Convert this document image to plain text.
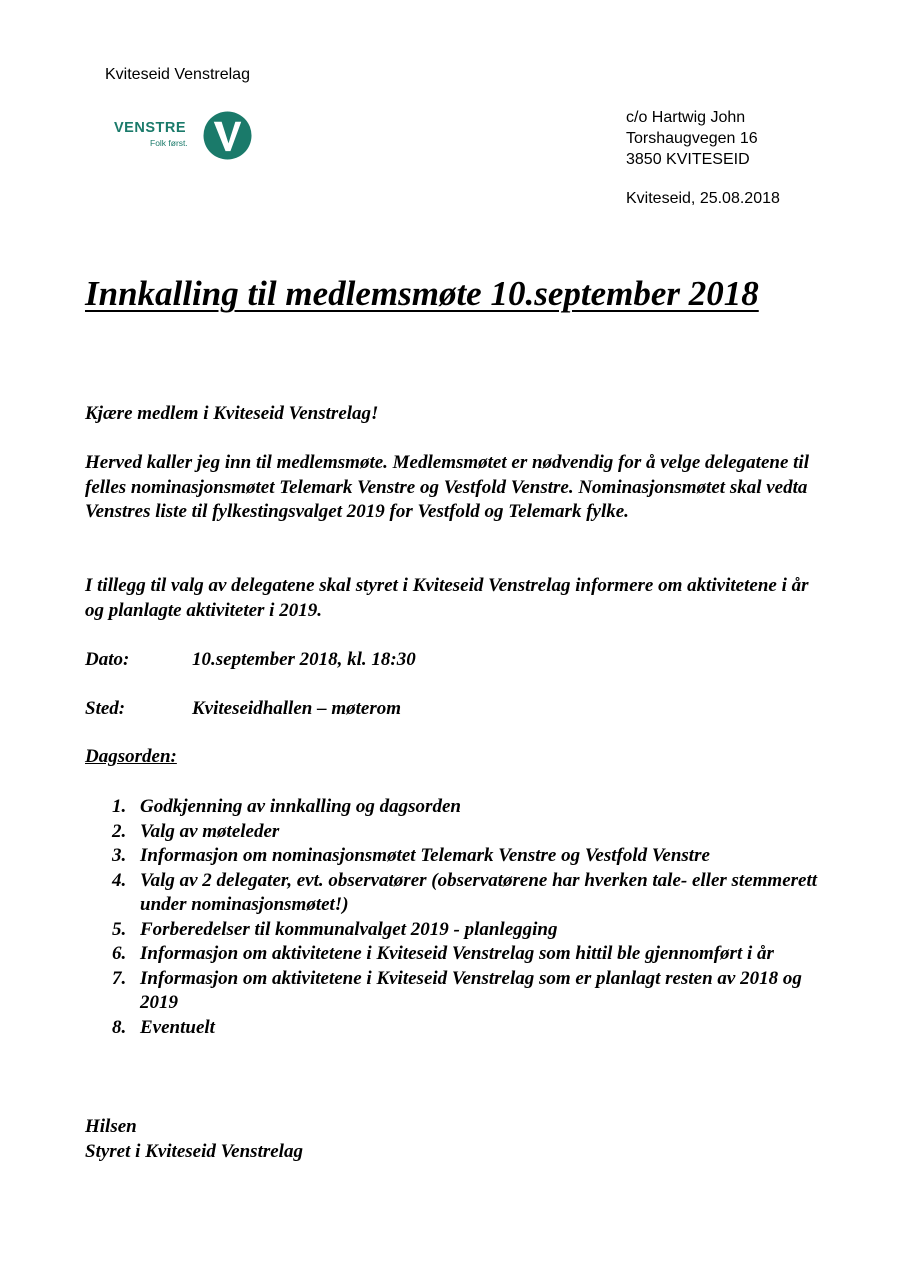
Kviteseid Venstrelag
VENSTRE
Folk først.
c/o Hartwig John
Torshaugvegen 16
3850 KVITESEID
Kviteseid, 25.08.2018
Innkalling til medlemsmøte 10.september 2018
Kjære medlem i Kviteseid Venstrelag!
Herved kaller jeg inn til medlemsmøte. Medlemsmøtet er nødvendig for å velge delegatene til felles nominasjonsmøtet Telemark Venstre og Vestfold Venstre. Nominasjonsmøtet skal vedta Venstres liste til fylkestingsvalget 2019 for Vestfold og Telemark fylke.
I tillegg til valg av delegatene skal styret i Kviteseid Venstrelag informere om aktivitetene i år og planlagte aktiviteter i 2019.
Dato:	10.september 2018, kl. 18:30
Sted:	Kviteseidhallen – møterom
Dagsorden:
1. Godkjenning av innkalling og dagsorden
2. Valg av møteleder
3. Informasjon om nominasjonsmøtet Telemark Venstre og Vestfold Venstre
4. Valg av 2 delegater, evt. observatører (observatørene har hverken tale- eller stemmerett under nominasjonsmøtet!)
5. Forberedelser til kommunalvalget 2019 - planlegging
6. Informasjon om aktivitetene i Kviteseid Venstrelag som hittil ble gjennomført i år
7. Informasjon om aktivitetene i Kviteseid Venstrelag som er planlagt resten av 2018 og 2019
8. Eventuelt
Hilsen
Styret i Kviteseid Venstrelag
